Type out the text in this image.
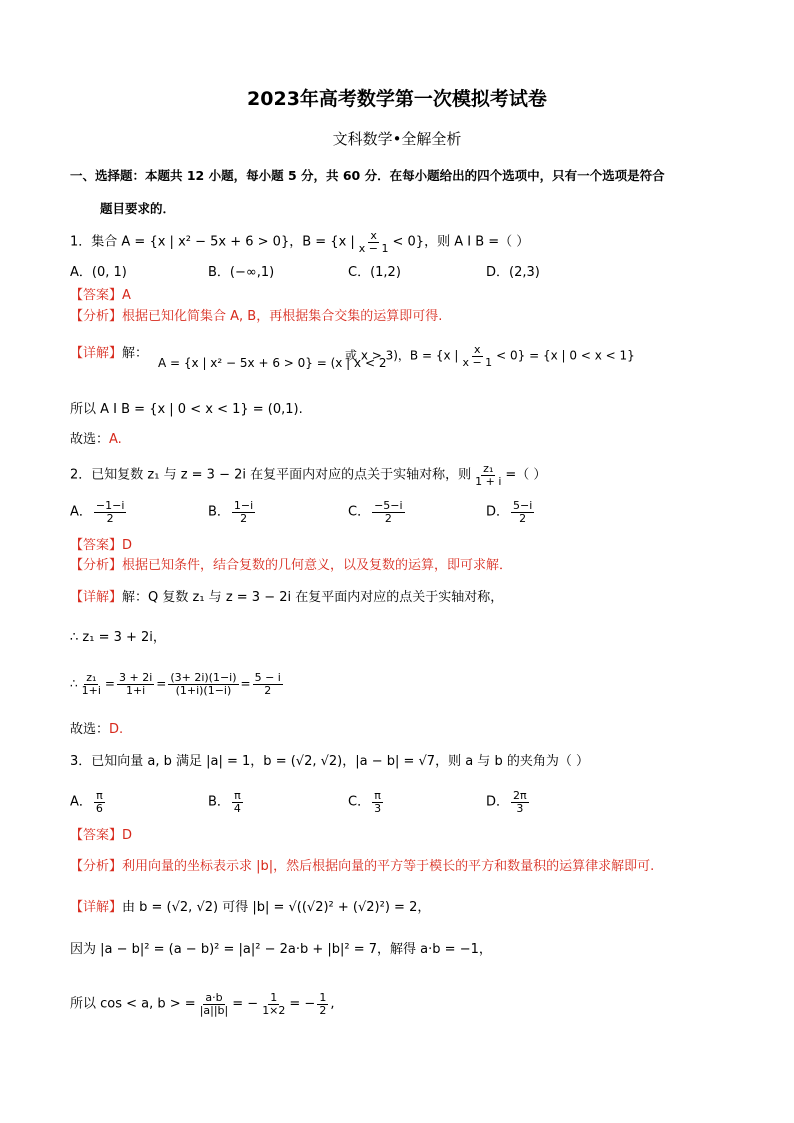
2023年高考数学第一次模拟考试卷
文科数学•全解全析
一、选择题：本题共 12 小题，每小题 5 分，共 60 分．在每小题给出的四个选项中，只有一个选项是符合
题目要求的．
1．集合 A = {x | x² − 5x + 6 > 0}，B = {x | $\frac{x}{x - 1} < 0$}，则 A I B =（ ）
A．(0, 1)	B．(−∞,1)	C．(1,2)	D．(2,3)
【答案】A
【分析】根据已知化简集合 A, B，再根据集合交集的运算即可得.
【详解】解：
A = {x | x² − 5x + 6 > 0} = (x | x < 2
或 x > 3)，B = {x | $\frac{x}{x - 1} < 0\} = \{x$ | 0 < x < 1}
所以 A I B = {x | 0 < x < 1} = (0,1).
故选：A.
2．已知复数 z₁ 与 z = 3 − 2i 在复平面内对应的点关于实轴对称，则 $\frac{\text{z₁}}{1 + i}$ =（ ）
A． $\frac{-1-i}{2}$	B． $\frac{1-i}{2}$	C． $\frac{-5-i}{2}$	D． $\frac{5-i}{2}$
【答案】D
【分析】根据已知条件，结合复数的几何意义，以及复数的运算，即可求解．
【详解】解：Q 复数 z₁ 与 z = 3 − 2i 在复平面内对应的点关于实轴对称，
∴ z₁ = 3 + 2i，
∴ $\frac{\text{z₁}}{1+i} = \frac{3 + 2i}{1+i} = \frac{(3+ 2i)(1-i)}{(1+i)(1-i)} = \frac{5 - i}{2}$
故选：D.
3．已知向量 a, b 满足 |a| = 1，b = (√2, √2)，|a − b| = √7，则 a 与 b 的夹角为（ ）
A． $\frac{\pi}{6}$	B． $\frac{\pi}{4}$	C． $\frac{\pi}{3}$	D． $\frac{2\pi}{3}$
【答案】D
【分析】利用向量的坐标表示求 |b|，然后根据向量的平方等于模长的平方和数量积的运算律求解即可.
【详解】由 b = (√2, √2) 可得 |b| = √((√2)² + (√2)²) = 2，
因为 |a − b|² = (a − b)² = |a|² − 2a·b + |b|² = 7，解得 a·b = −1，
所以 cos < a, b > = $\frac{a\cdot b}{|a||b|}$ = − $\frac{1}{1\times 2}$ = − $\frac{1}{2}$ ,
